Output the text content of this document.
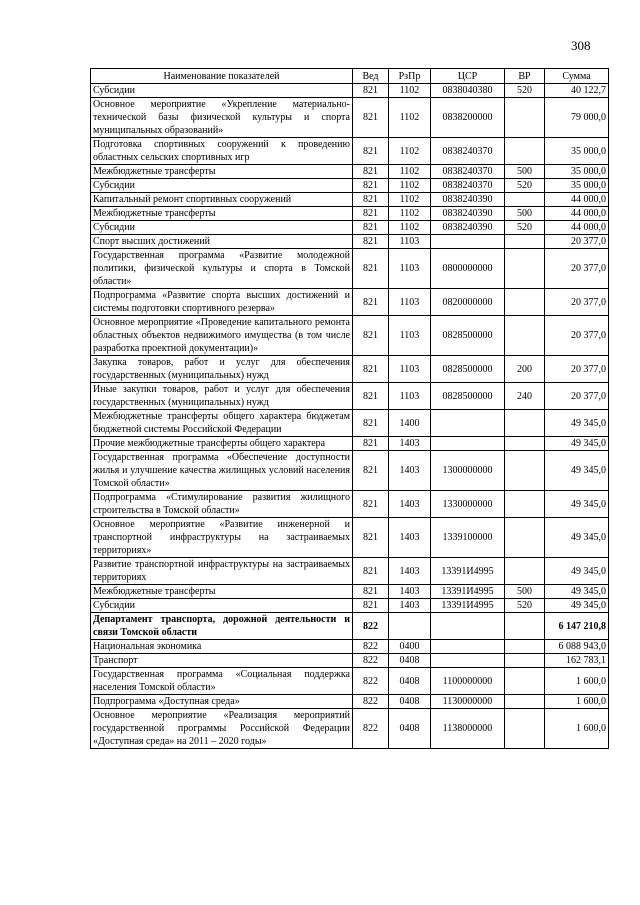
308
Наименование показателей	Вед	РзПр	ЦСР	ВР	Сумма
Субсидии	821	1102	0838040380	520	40 122,7
Основное мероприятие «Укрепление материально-технической базы физической культуры и спорта муниципальных образований»	821	1102	0838200000		79 000,0
Подготовка спортивных сооружений к проведению областных сельских спортивных игр	821	1102	0838240370		35 000,0
Межбюджетные трансферты	821	1102	0838240370	500	35 000,0
Субсидии	821	1102	0838240370	520	35 000,0
Капитальный ремонт спортивных сооружений	821	1102	0838240390		44 000,0
Межбюджетные трансферты	821	1102	0838240390	500	44 000,0
Субсидии	821	1102	0838240390	520	44 000,0
Спорт высших достижений	821	1103			20 377,0
Государственная программа «Развитие молодежной политики, физической культуры и спорта в Томской области»	821	1103	0800000000		20 377,0
Подпрограмма «Развитие спорта высших достижений и системы подготовки спортивного резерва»	821	1103	0820000000		20 377,0
Основное мероприятие «Проведение капитального ремонта областных объектов недвижимого имущества (в том числе разработка проектной документации)»	821	1103	0828500000		20 377,0
Закупка товаров, работ и услуг для обеспечения государственных (муниципальных) нужд	821	1103	0828500000	200	20 377,0
Иные закупки товаров, работ и услуг для обеспечения государственных (муниципальных) нужд	821	1103	0828500000	240	20 377,0
Межбюджетные трансферты общего характера бюджетам бюджетной системы Российской Федерации	821	1400			49 345,0
Прочие межбюджетные трансферты общего характера	821	1403			49 345,0
Государственная программа «Обеспечение доступности жилья и улучшение качества жилищных условий населения Томской области»	821	1403	1300000000		49 345,0
Подпрограмма «Стимулирование развития жилищного строительства в Томской области»	821	1403	1330000000		49 345,0
Основное мероприятие «Развитие инженерной и транспортной инфраструктуры на застраиваемых территориях»	821	1403	1339100000		49 345,0
Развитие транспортной инфраструктуры на застраиваемых территориях	821	1403	13391И4995		49 345,0
Межбюджетные трансферты	821	1403	13391И4995	500	49 345,0
Субсидии	821	1403	13391И4995	520	49 345,0
Департамент транспорта, дорожной деятельности и связи Томской области	822				6 147 210,8
Национальная экономика	822	0400			6 088 943,0
Транспорт	822	0408			162 783,1
Государственная программа «Социальная поддержка населения Томской области»	822	0408	1100000000		1 600,0
Подпрограмма «Доступная среда»	822	0408	1130000000		1 600,0
Основное мероприятие «Реализация мероприятий государственной программы Российской Федерации «Доступная среда» на 2011 – 2020 годы»	822	0408	1138000000		1 600,0
